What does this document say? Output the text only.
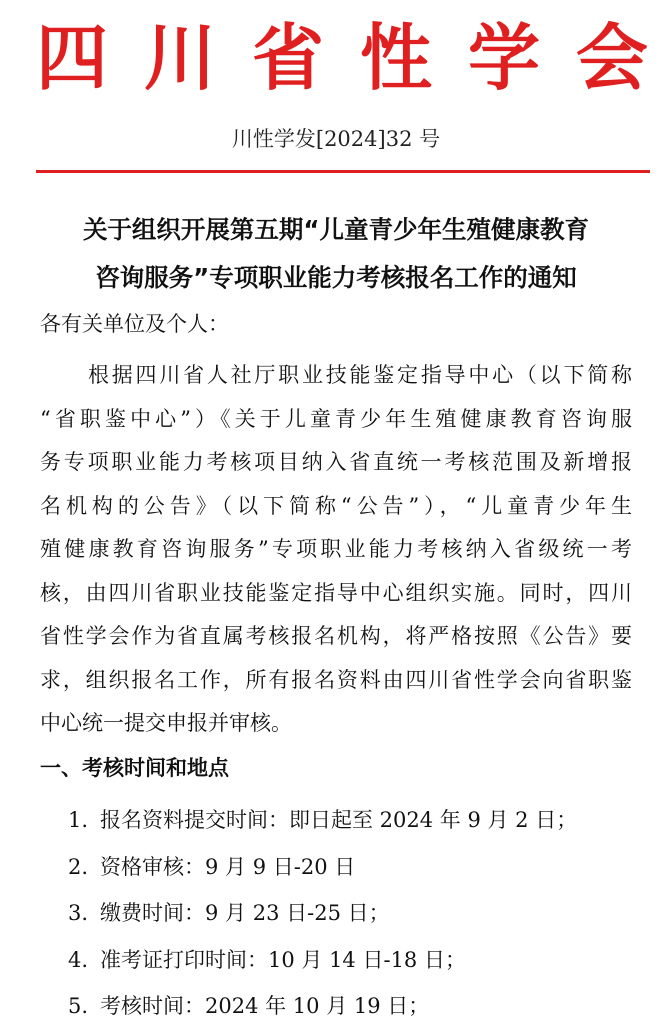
四 川 省 性 学 会
川性学发[2024]32 号
关于组织开展第五期“儿童青少年生殖健康教育
咨询服务”专项职业能力考核报名工作的通知
各有关单位及个人：
根据四川省人社厅职业技能鉴定指导中心（以下简称
“省职鉴中心”）《关于儿童青少年生殖健康教育咨询服
务专项职业能力考核项目纳入省直统一考核范围及新增报
名机构的公告》（以下简称“公告”），“儿童青少年生
殖健康教育咨询服务”专项职业能力考核纳入省级统一考
核，由四川省职业技能鉴定指导中心组织实施。同时，四川
省性学会作为省直属考核报名机构，将严格按照《公告》要
求，组织报名工作，所有报名资料由四川省性学会向省职鉴
中心统一提交申报并审核。
一、考核时间和地点
1. 报名资料提交时间：即日起至 2024 年 9 月 2 日；
2. 资格审核：9 月 9 日-20 日
3. 缴费时间：9 月 23 日-25 日；
4. 准考证打印时间：10 月 14 日-18 日；
5. 考核时间：2024 年 10 月 19 日；
